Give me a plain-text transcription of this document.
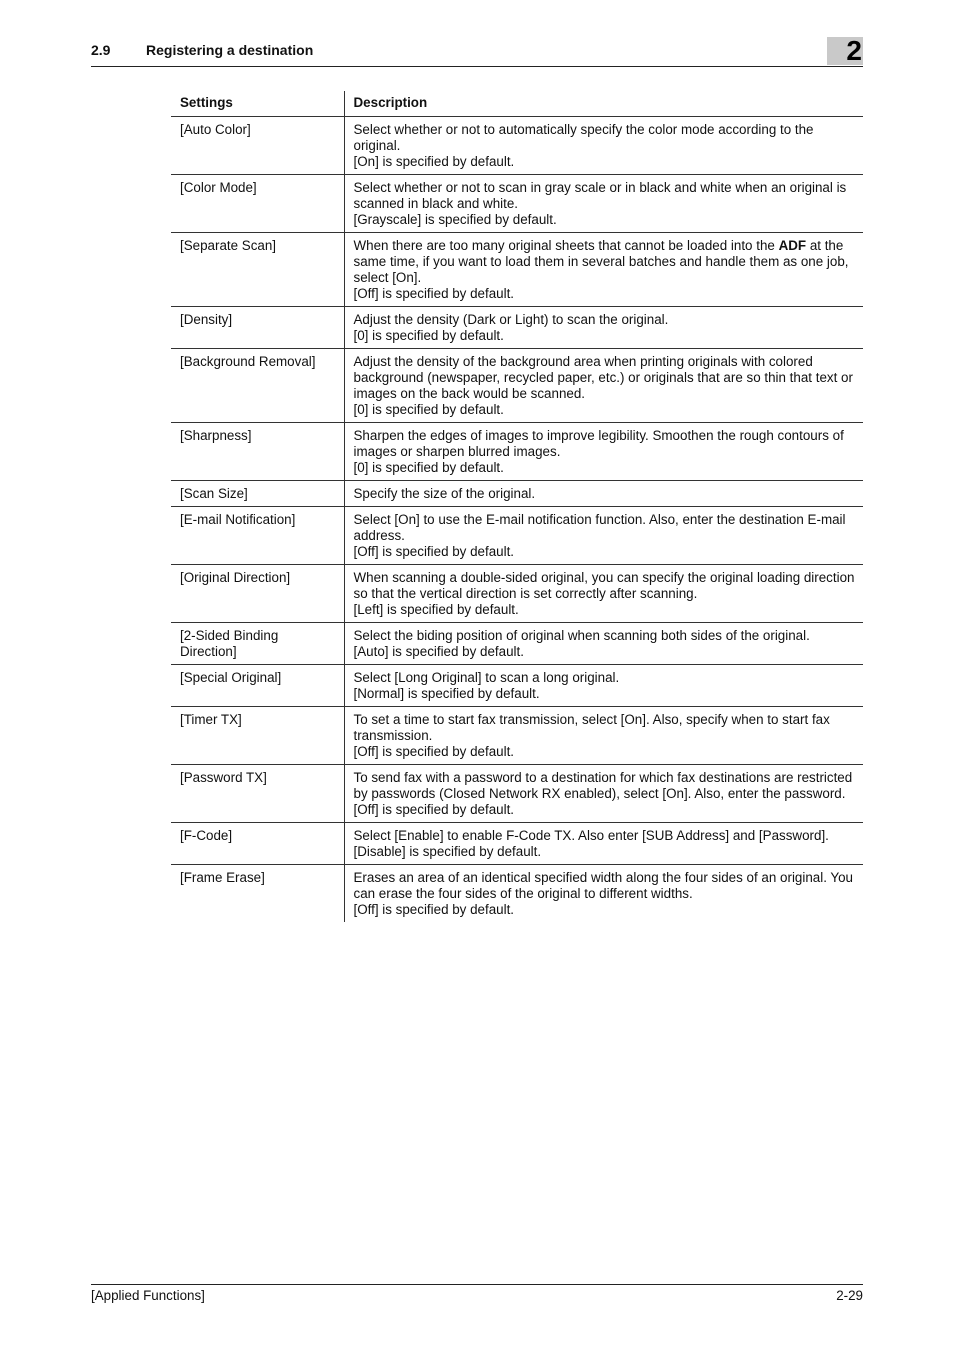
2.9	Registering a destination	2
Settings	Description
[Auto Color]	Select whether or not to automatically specify the color mode according to the original.
[On] is specified by default.

[Color Mode]	Select whether or not to scan in gray scale or in black and white when an original is scanned in black and white.
[Grayscale] is specified by default.

[Separate Scan]	When there are too many original sheets that cannot be loaded into the ADF at the same time, if you want to load them in several batches and handle them as one job, select [On].
[Off] is specified by default.

[Density]	Adjust the density (Dark or Light) to scan the original.
[0] is specified by default.

[Background Removal]	Adjust the density of the background area when printing originals with colored background (newspaper, recycled paper, etc.) or originals that are so thin that text or images on the back would be scanned.
[0] is specified by default.

[Sharpness]	Sharpen the edges of images to improve legibility. Smoothen the rough contours of images or sharpen blurred images.
[0] is specified by default.

[Scan Size]	Specify the size of the original.

[E-mail Notification]	Select [On] to use the E-mail notification function. Also, enter the destination E-mail address.
[Off] is specified by default.

[Original Direction]	When scanning a double-sided original, you can specify the original loading direction so that the vertical direction is set correctly after scanning.
[Left] is specified by default.

[2-Sided Binding Direction]	Select the biding position of original when scanning both sides of the original.
[Auto] is specified by default.

[Special Original]	Select [Long Original] to scan a long original.
[Normal] is specified by default.

[Timer TX]	To set a time to start fax transmission, select [On]. Also, specify when to start fax transmission.
[Off] is specified by default.

[Password TX]	To send fax with a password to a destination for which fax destinations are restricted by passwords (Closed Network RX enabled), select [On]. Also, enter the password.
[Off] is specified by default.

[F-Code]	Select [Enable] to enable F-Code TX. Also enter [SUB Address] and [Password].
[Disable] is specified by default.

[Frame Erase]	Erases an area of an identical specified width along the four sides of an original. You can erase the four sides of the original to different widths.
[Off] is specified by default.
[Applied Functions]	2-29
